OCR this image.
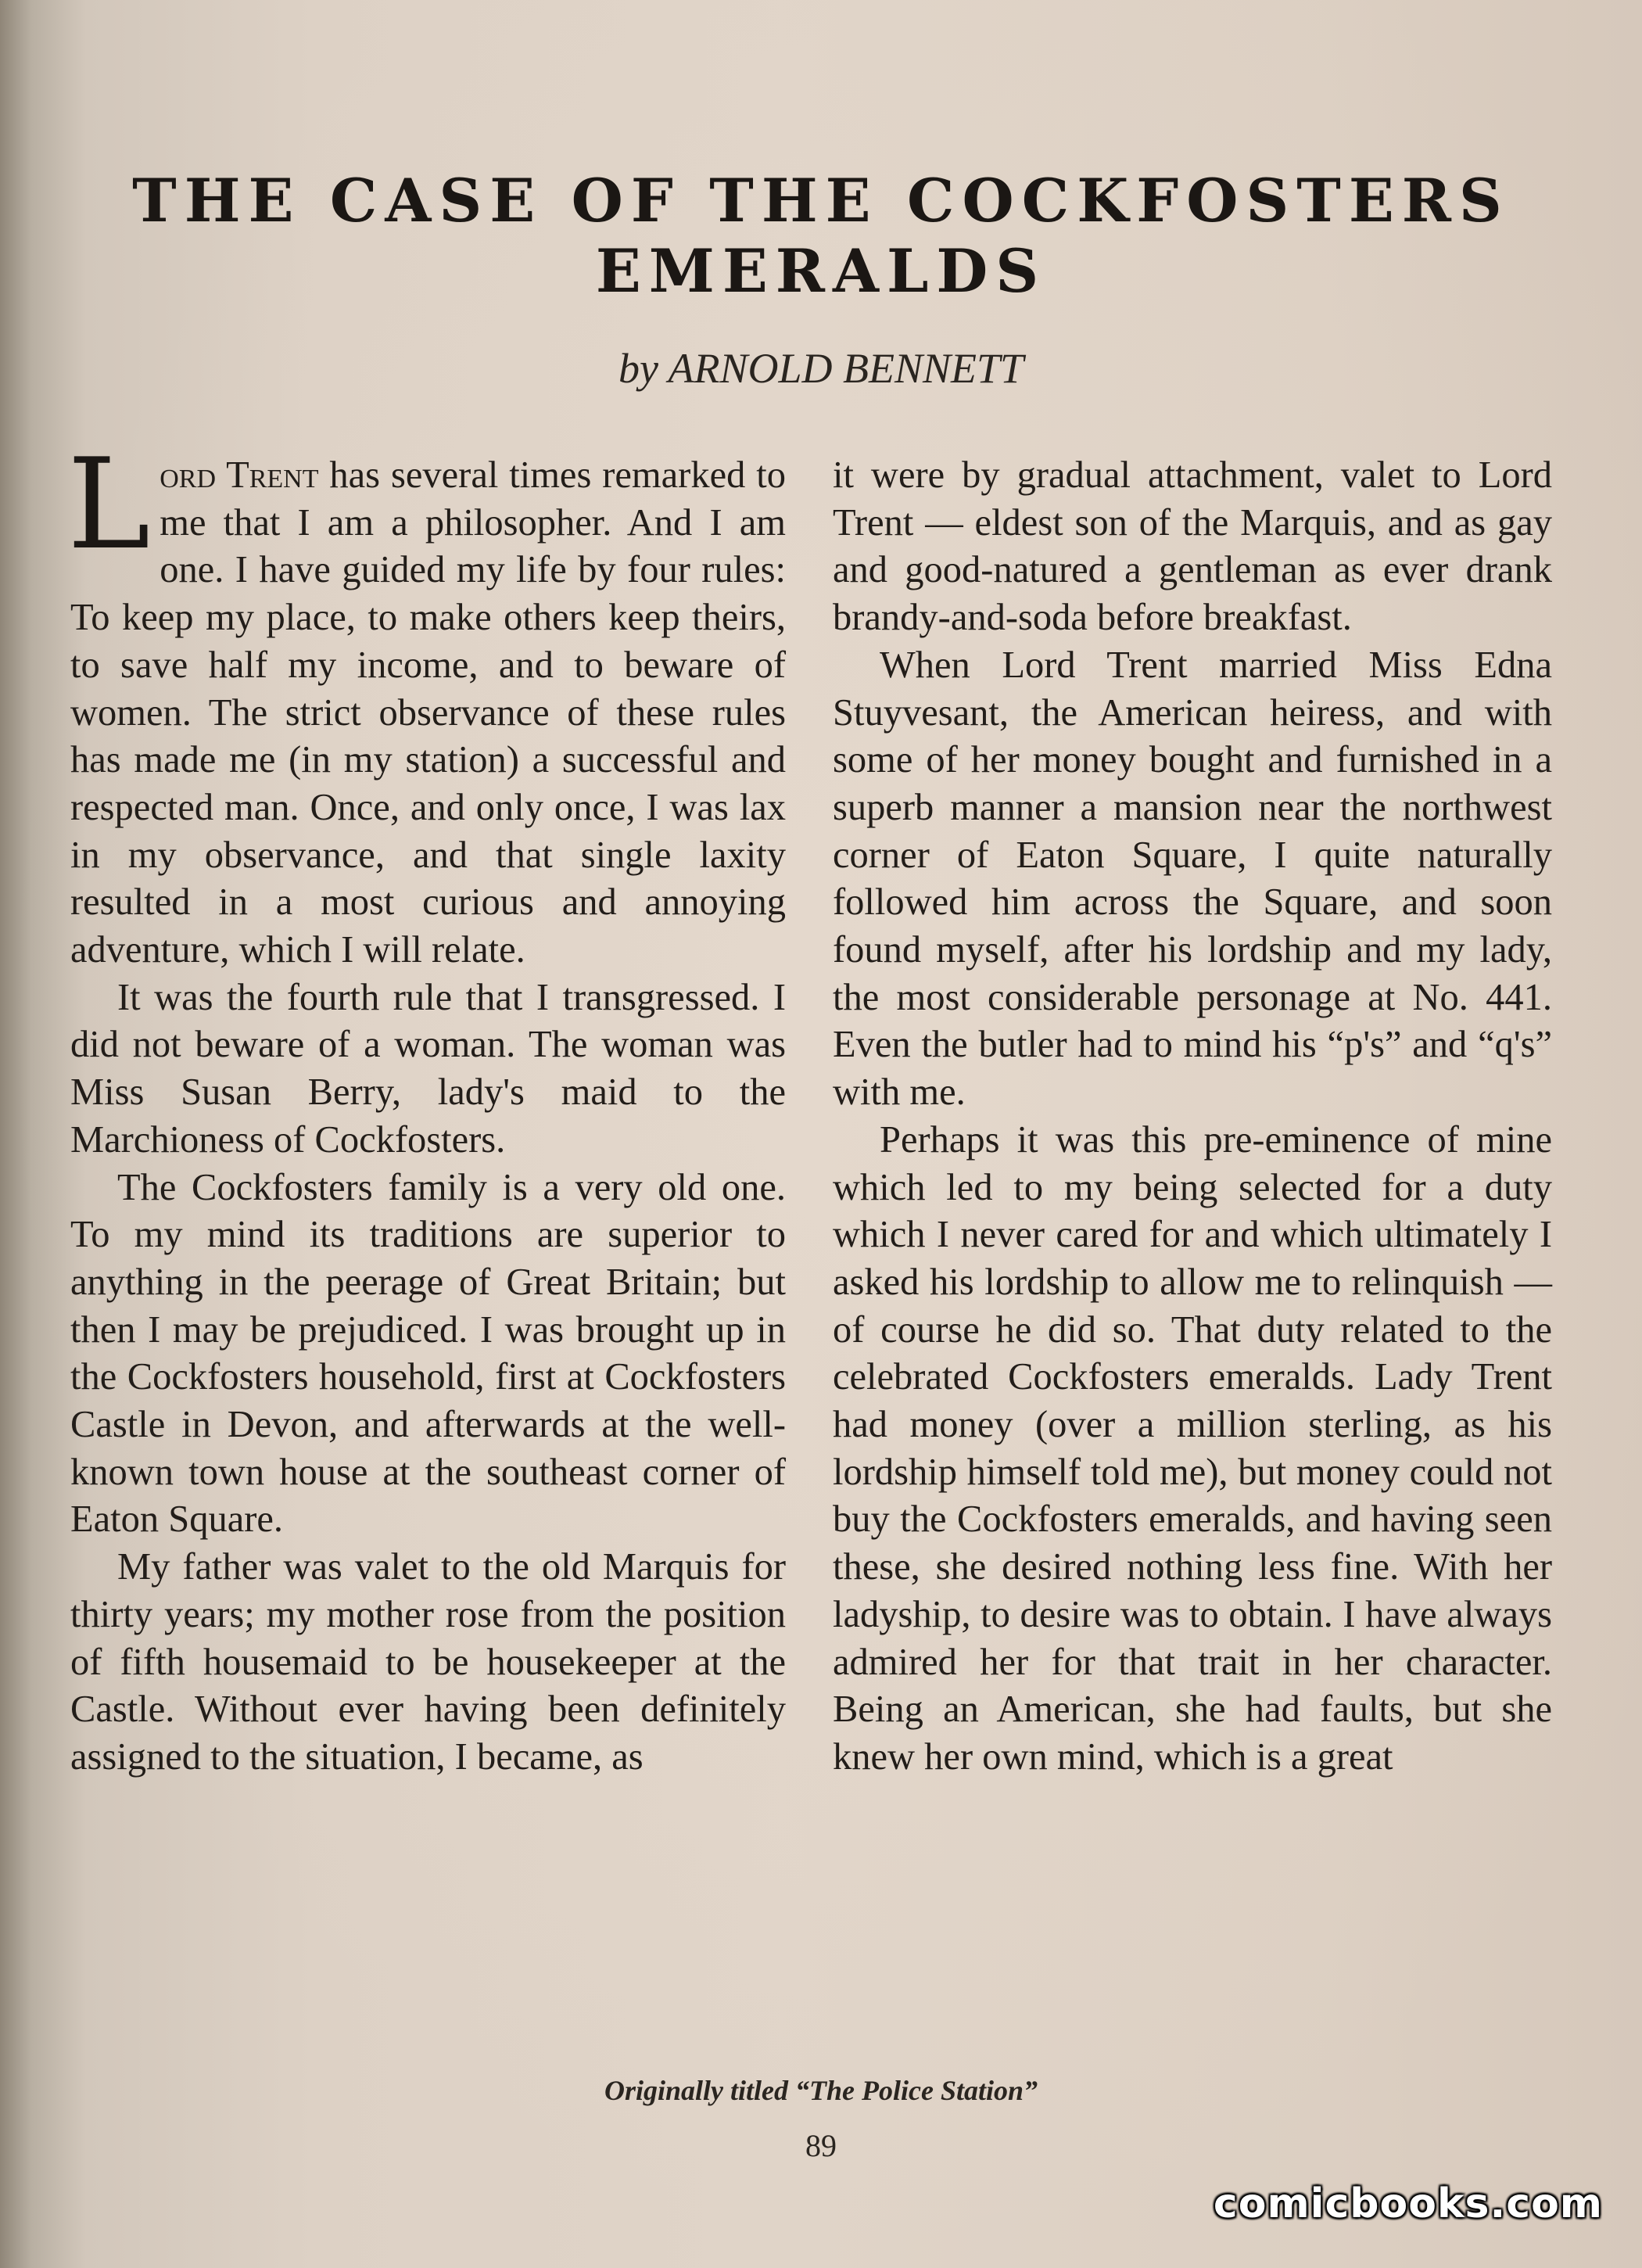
THE CASE OF THE COCKFOSTERS
EMERALDS
by ARNOLD BENNETT

Lord Trent has several times remarked to me that I am a philosopher. And I am one. I have guided my life by four rules: To keep my place, to make others keep theirs, to save half my income, and to beware of women. The strict observance of these rules has made me (in my station) a successful and respected man. Once, and only once, I was lax in my observance, and that single laxity resulted in a most curious and annoying adventure, which I will relate.

It was the fourth rule that I transgressed. I did not beware of a woman. The woman was Miss Susan Berry, lady's maid to the Marchioness of Cockfosters.

The Cockfosters family is a very old one. To my mind its traditions are superior to anything in the peerage of Great Britain; but then I may be prejudiced. I was brought up in the Cockfosters household, first at Cockfosters Castle in Devon, and afterwards at the well-known town house at the southeast corner of Eaton Square.

My father was valet to the old Marquis for thirty years; my mother rose from the position of fifth housemaid to be housekeeper at the Castle. Without ever having been definitely assigned to the situation, I became, as

it were by gradual attachment, valet to Lord Trent — eldest son of the Marquis, and as gay and good-natured a gentleman as ever drank brandy-and-soda before breakfast.

When Lord Trent married Miss Edna Stuyvesant, the American heiress, and with some of her money bought and furnished in a superb manner a mansion near the northwest corner of Eaton Square, I quite naturally followed him across the Square, and soon found myself, after his lordship and my lady, the most considerable personage at No. 441. Even the butler had to mind his “p's” and “q's” with me.

Perhaps it was this pre-eminence of mine which led to my being selected for a duty which I never cared for and which ultimately I asked his lordship to allow me to relinquish — of course he did so. That duty related to the celebrated Cockfosters emeralds. Lady Trent had money (over a million sterling, as his lordship himself told me), but money could not buy the Cockfosters emeralds, and having seen these, she desired nothing less fine. With her ladyship, to desire was to obtain. I have always admired her for that trait in her character. Being an American, she had faults, but she knew her own mind, which is a great

Originally titled “The Police Station”
89
comicbooks.com
